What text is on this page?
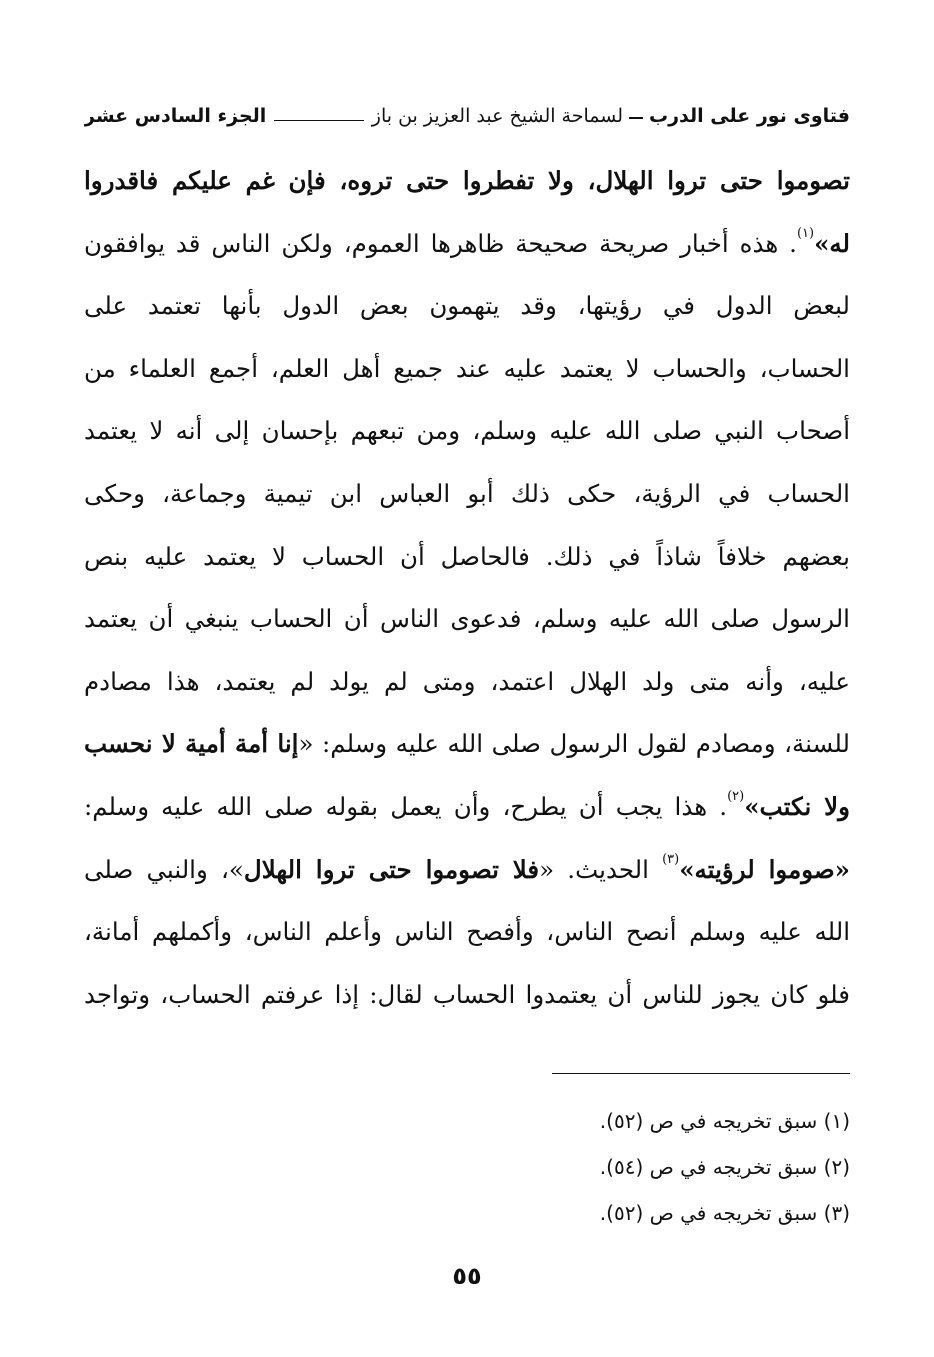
فتاوى نور على الدرب
لسماحة الشيخ عبد العزيز بن باز
الجزء السادس عشر
تصوموا حتى تروا الهلال، ولا تفطروا حتى تروه، فإن غم عليكم فاقدروا
له»$^{(١)}$. هذه أخبار صريحة صحيحة ظاهرها العموم، ولكن الناس قد يوافقون
لبعض الدول في رؤيتها، وقد يتهمون بعض الدول بأنها تعتمد على
الحساب، والحساب لا يعتمد عليه عند جميع أهل العلم، أجمع العلماء من
أصحاب النبي صلى الله عليه وسلم، ومن تبعهم بإحسان إلى أنه لا يعتمد
الحساب في الرؤية، حكى ذلك أبو العباس ابن تيمية وجماعة، وحكى
بعضهم خلافاً شاذاً في ذلك. فالحاصل أن الحساب لا يعتمد عليه بنص
الرسول صلى الله عليه وسلم، فدعوى الناس أن الحساب ينبغي أن يعتمد
عليه، وأنه متى ولد الهلال اعتمد، ومتى لم يولد لم يعتمد، هذا مصادم
للسنة، ومصادم لقول الرسول صلى الله عليه وسلم: «إنا أمة أمية لا نحسب
ولا نكتب»$^{(٢)}$. هذا يجب أن يطرح، وأن يعمل بقوله صلى الله عليه وسلم:
«صوموا لرؤيته»$^{(٣)}$ الحديث. «فلا تصوموا حتى تروا الهلال»، والنبي صلى
الله عليه وسلم أنصح الناس، وأفصح الناس وأعلم الناس، وأكملهم أمانة،
فلو كان يجوز للناس أن يعتمدوا الحساب لقال: إذا عرفتم الحساب، وتواجد
(١) سبق تخريجه في ص (٥٢).
(٢) سبق تخريجه في ص (٥٤).
(٣) سبق تخريجه في ص (٥٢).
٥٥
